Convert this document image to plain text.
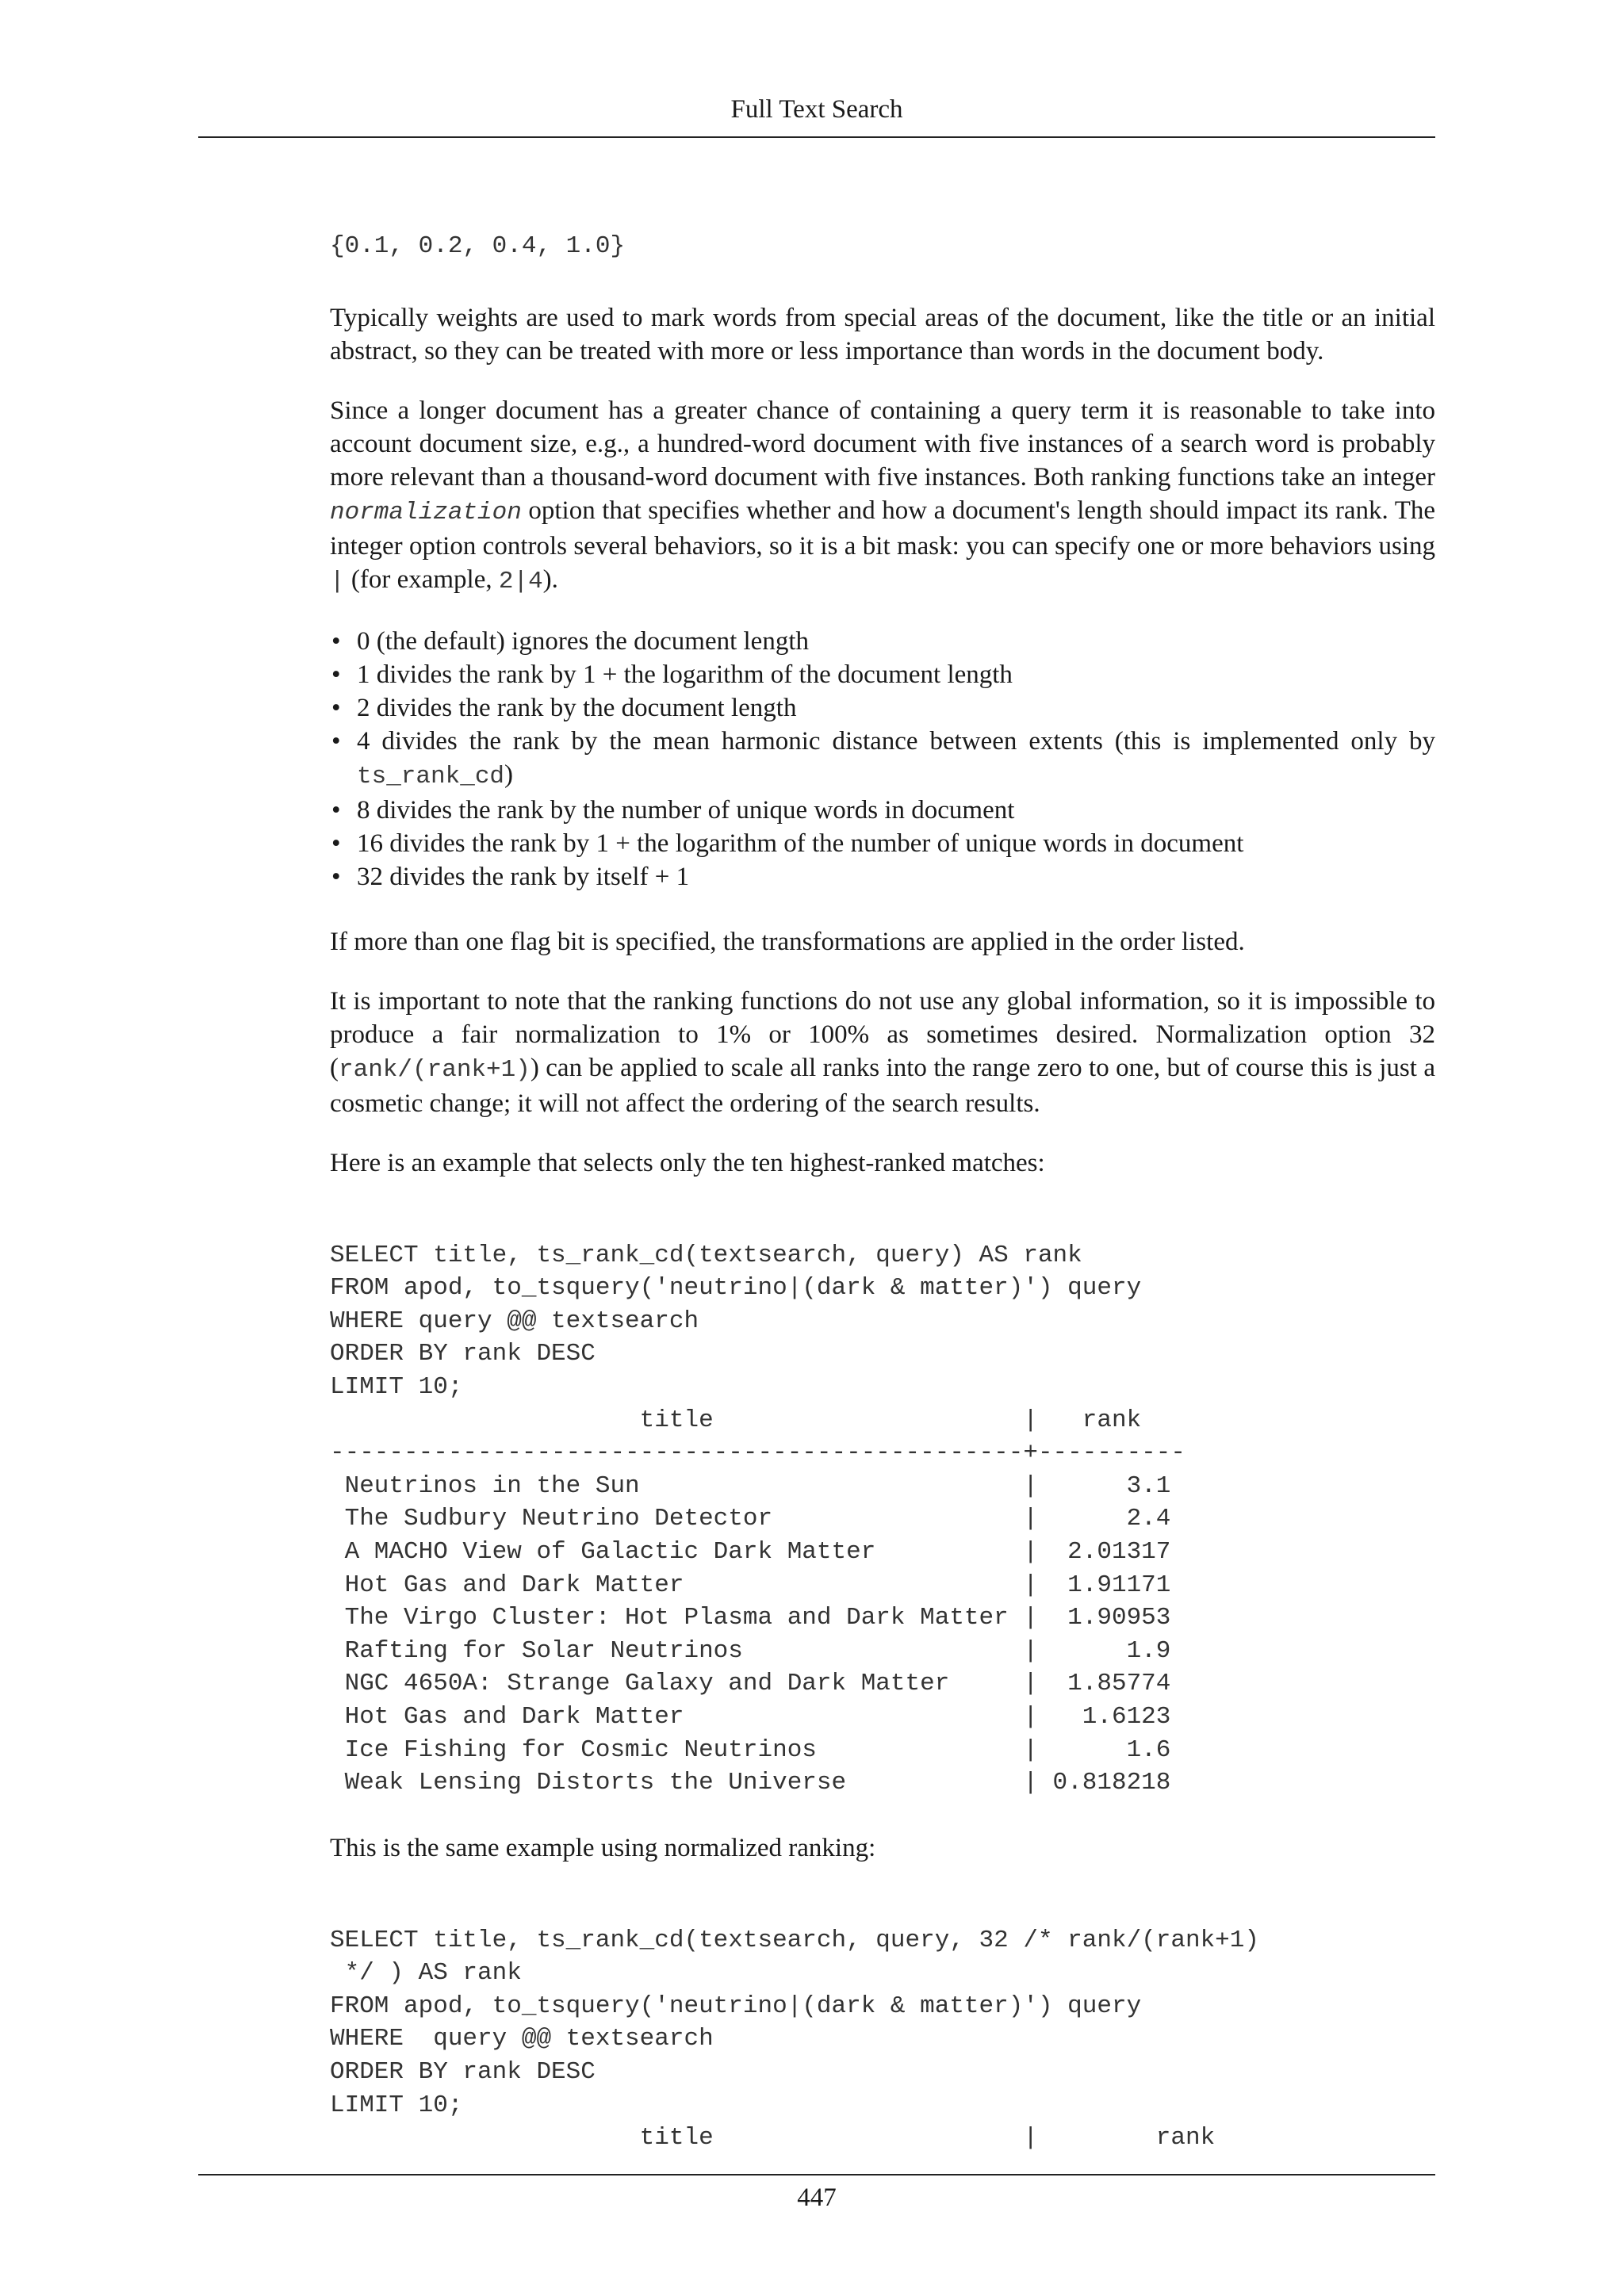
Full Text Search
{0.1, 0.2, 0.4, 1.0}

Typically weights are used to mark words from special areas of the document, like the title or an initial abstract, so they can be treated with more or less importance than words in the document body.

Since a longer document has a greater chance of containing a query term it is reasonable to take into account document size, e.g., a hundred-word document with five instances of a search word is probably more relevant than a thousand-word document with five instances. Both ranking functions take an integer normalization option that specifies whether and how a document's length should impact its rank. The integer option controls several behaviors, so it is a bit mask: you can specify one or more behaviors using | (for example, 2|4).

• 0 (the default) ignores the document length
• 1 divides the rank by 1 + the logarithm of the document length
• 2 divides the rank by the document length
• 4 divides the rank by the mean harmonic distance between extents (this is implemented only by ts_rank_cd)
• 8 divides the rank by the number of unique words in document
• 16 divides the rank by 1 + the logarithm of the number of unique words in document
• 32 divides the rank by itself + 1

If more than one flag bit is specified, the transformations are applied in the order listed.

It is important to note that the ranking functions do not use any global information, so it is impossible to produce a fair normalization to 1% or 100% as sometimes desired. Normalization option 32 (rank/(rank+1)) can be applied to scale all ranks into the range zero to one, but of course this is just a cosmetic change; it will not affect the ordering of the search results.

Here is an example that selects only the ten highest-ranked matches:

SELECT title, ts_rank_cd(textsearch, query) AS rank
FROM apod, to_tsquery('neutrino|(dark & matter)') query
WHERE query @@ textsearch
ORDER BY rank DESC
LIMIT 10;
title                     |   rank
-----------------------------------------------+----------
Neutrinos in the Sun                          |      3.1
The Sudbury Neutrino Detector                 |      2.4
A MACHO View of Galactic Dark Matter          |  2.01317
Hot Gas and Dark Matter                       |  1.91171
The Virgo Cluster: Hot Plasma and Dark Matter |  1.90953
Rafting for Solar Neutrinos                   |      1.9
NGC 4650A: Strange Galaxy and Dark Matter     |  1.85774
Hot Gas and Dark Matter                       |   1.6123
Ice Fishing for Cosmic Neutrinos              |      1.6
Weak Lensing Distorts the Universe            | 0.818218

This is the same example using normalized ranking:

SELECT title, ts_rank_cd(textsearch, query, 32 /* rank/(rank+1)
*/ ) AS rank
FROM apod, to_tsquery('neutrino|(dark & matter)') query
WHERE  query @@ textsearch
ORDER BY rank DESC
LIMIT 10;
title                     |        rank
447
